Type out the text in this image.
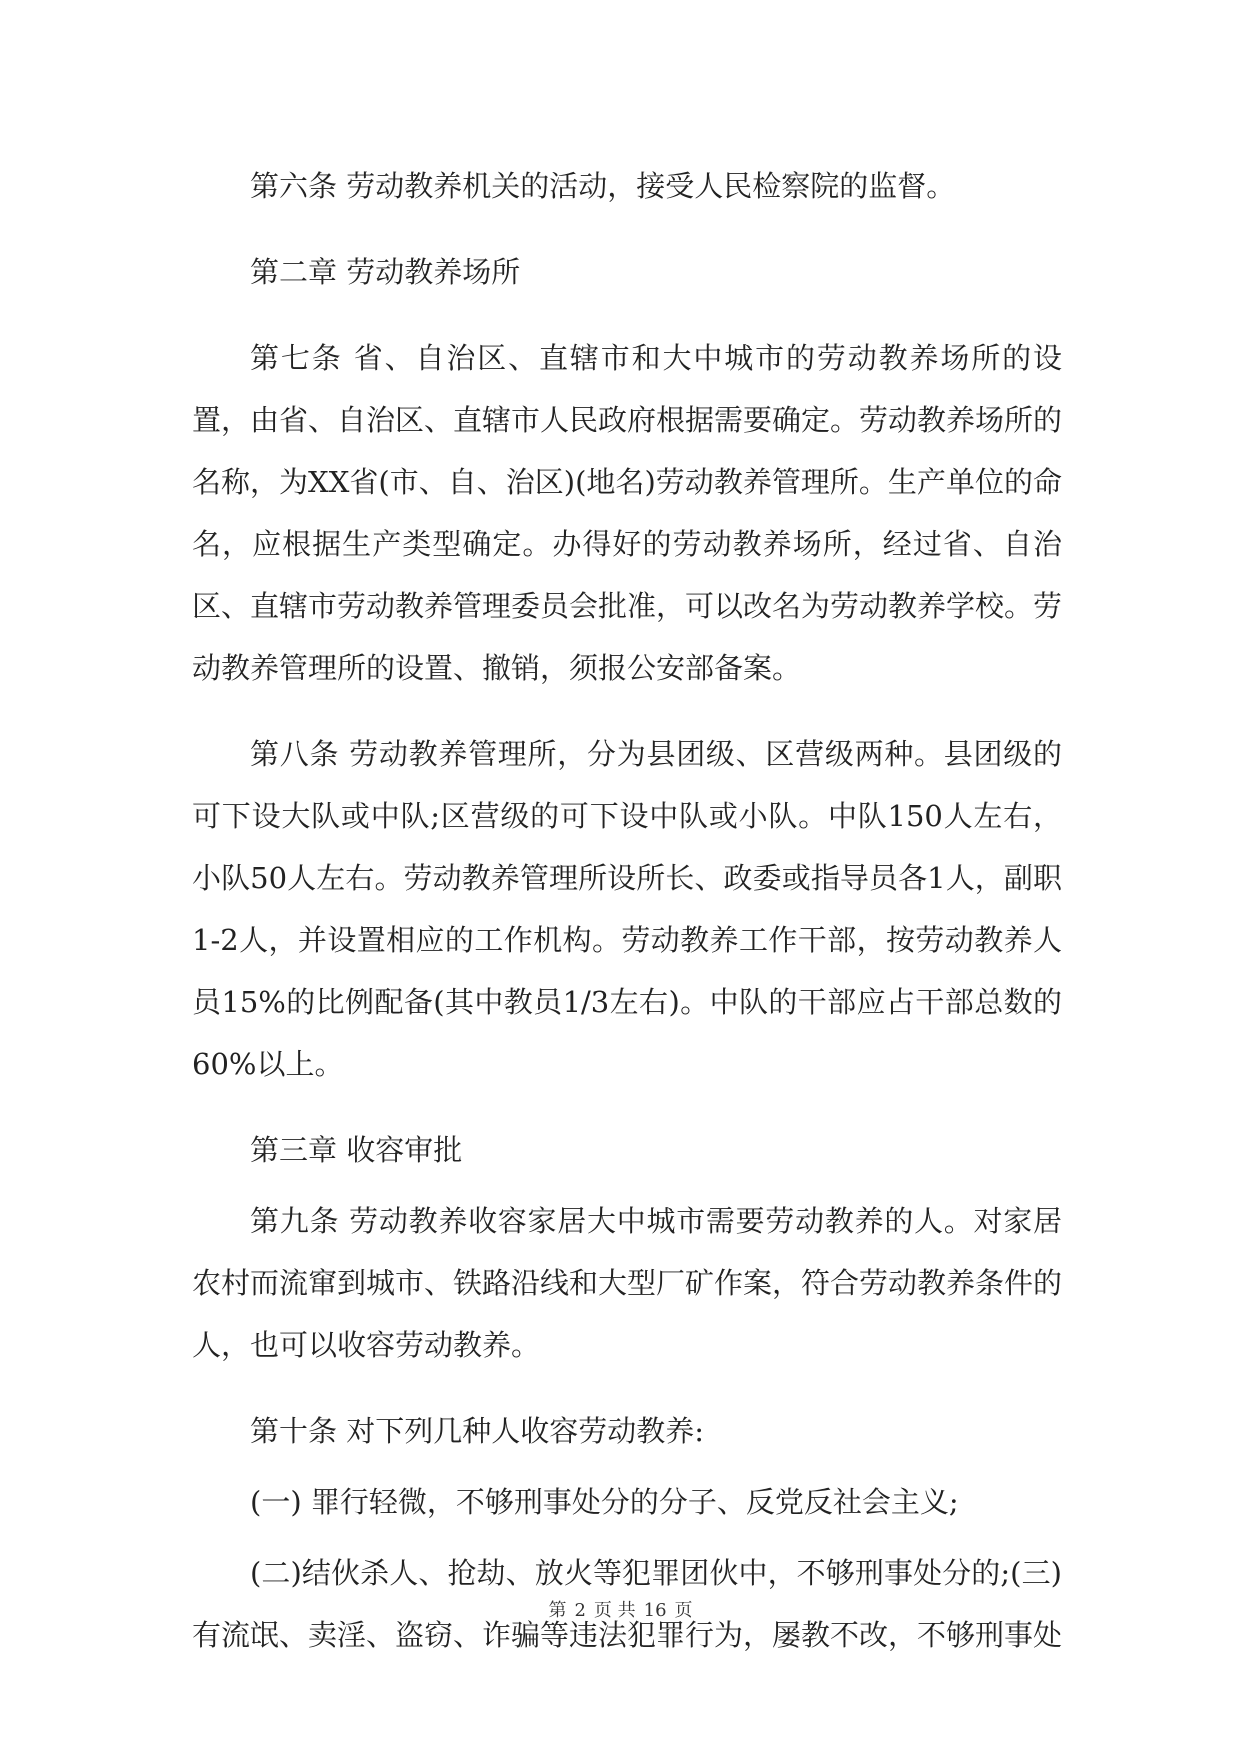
第六条 劳动教养机关的活动，接受人民检察院的监督。

第二章 劳动教养场所

第七条 省、自治区、直辖市和大中城市的劳动教养场所的设置，由省、自治区、直辖市人民政府根据需要确定。劳动教养场所的名称，为XX省(市、自、治区)(地名)劳动教养管理所。生产单位的命名，应根据生产类型确定。办得好的劳动教养场所，经过省、自治区、直辖市劳动教养管理委员会批准，可以改名为劳动教养学校。劳动教养管理所的设置、撤销，须报公安部备案。

第八条 劳动教养管理所，分为县团级、区营级两种。县团级的可下设大队或中队;区营级的可下设中队或小队。中队150人左右，小队50人左右。劳动教养管理所设所长、政委或指导员各1人，副职1-2人，并设置相应的工作机构。劳动教养工作干部，按劳动教养人员15%的比例配备(其中教员1/3左右)。中队的干部应占干部总数的60%以上。

第三章 收容审批

第九条 劳动教养收容家居大中城市需要劳动教养的人。对家居农村而流窜到城市、铁路沿线和大型厂矿作案，符合劳动教养条件的人，也可以收容劳动教养。

第十条 对下列几种人收容劳动教养:

(一) 罪行轻微，不够刑事处分的分子、反党反社会主义;

(二)结伙杀人、抢劫、放火等犯罪团伙中，不够刑事处分的;(三)有流氓、卖淫、盗窃、诈骗等违法犯罪行为，屡教不改，不够刑事处

第 2 页 共 16 页
